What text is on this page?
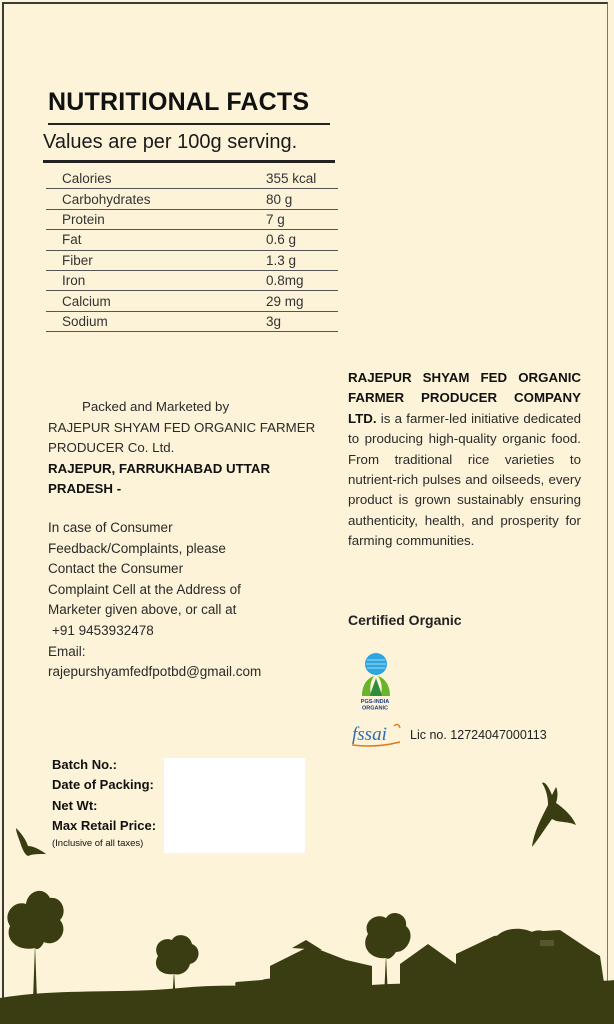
NUTRITIONAL FACTS
Values are per 100g serving.
Calories	355 kcal
Carbohydrates	80 g
Protein	7 g
Fat	0.6 g
Fiber	1.3 g
Iron	0.8mg
Calcium	29 mg
Sodium	3g
Packed and Marketed by
RAJEPUR SHYAM FED ORGANIC FARMER
PRODUCER Co. Ltd.
RAJEPUR, FARRUKHABAD UTTAR
PRADESH -
In case of Consumer
Feedback/Complaints, please
Contact the Consumer
Complaint Cell at the Address of
Marketer given above, or call at
+91 9453932478
Email:
rajepurshyamfedfpotbd@gmail.com
RAJEPUR SHYAM FED ORGANIC FARMER PRODUCER COMPANY LTD. is a farmer-led initiative dedicated to producing high-quality organic food. From traditional rice varieties to nutrient-rich pulses and oilseeds, every product is grown sustainably ensuring authenticity, health, and prosperity for farming communities.
Certified Organic
PGS-INDIA
ORGANIC
fssai Lic no. 12724047000113
Batch No.:
Date of Packing:
Net Wt:
Max Retail Price:
(Inclusive of all taxes)
